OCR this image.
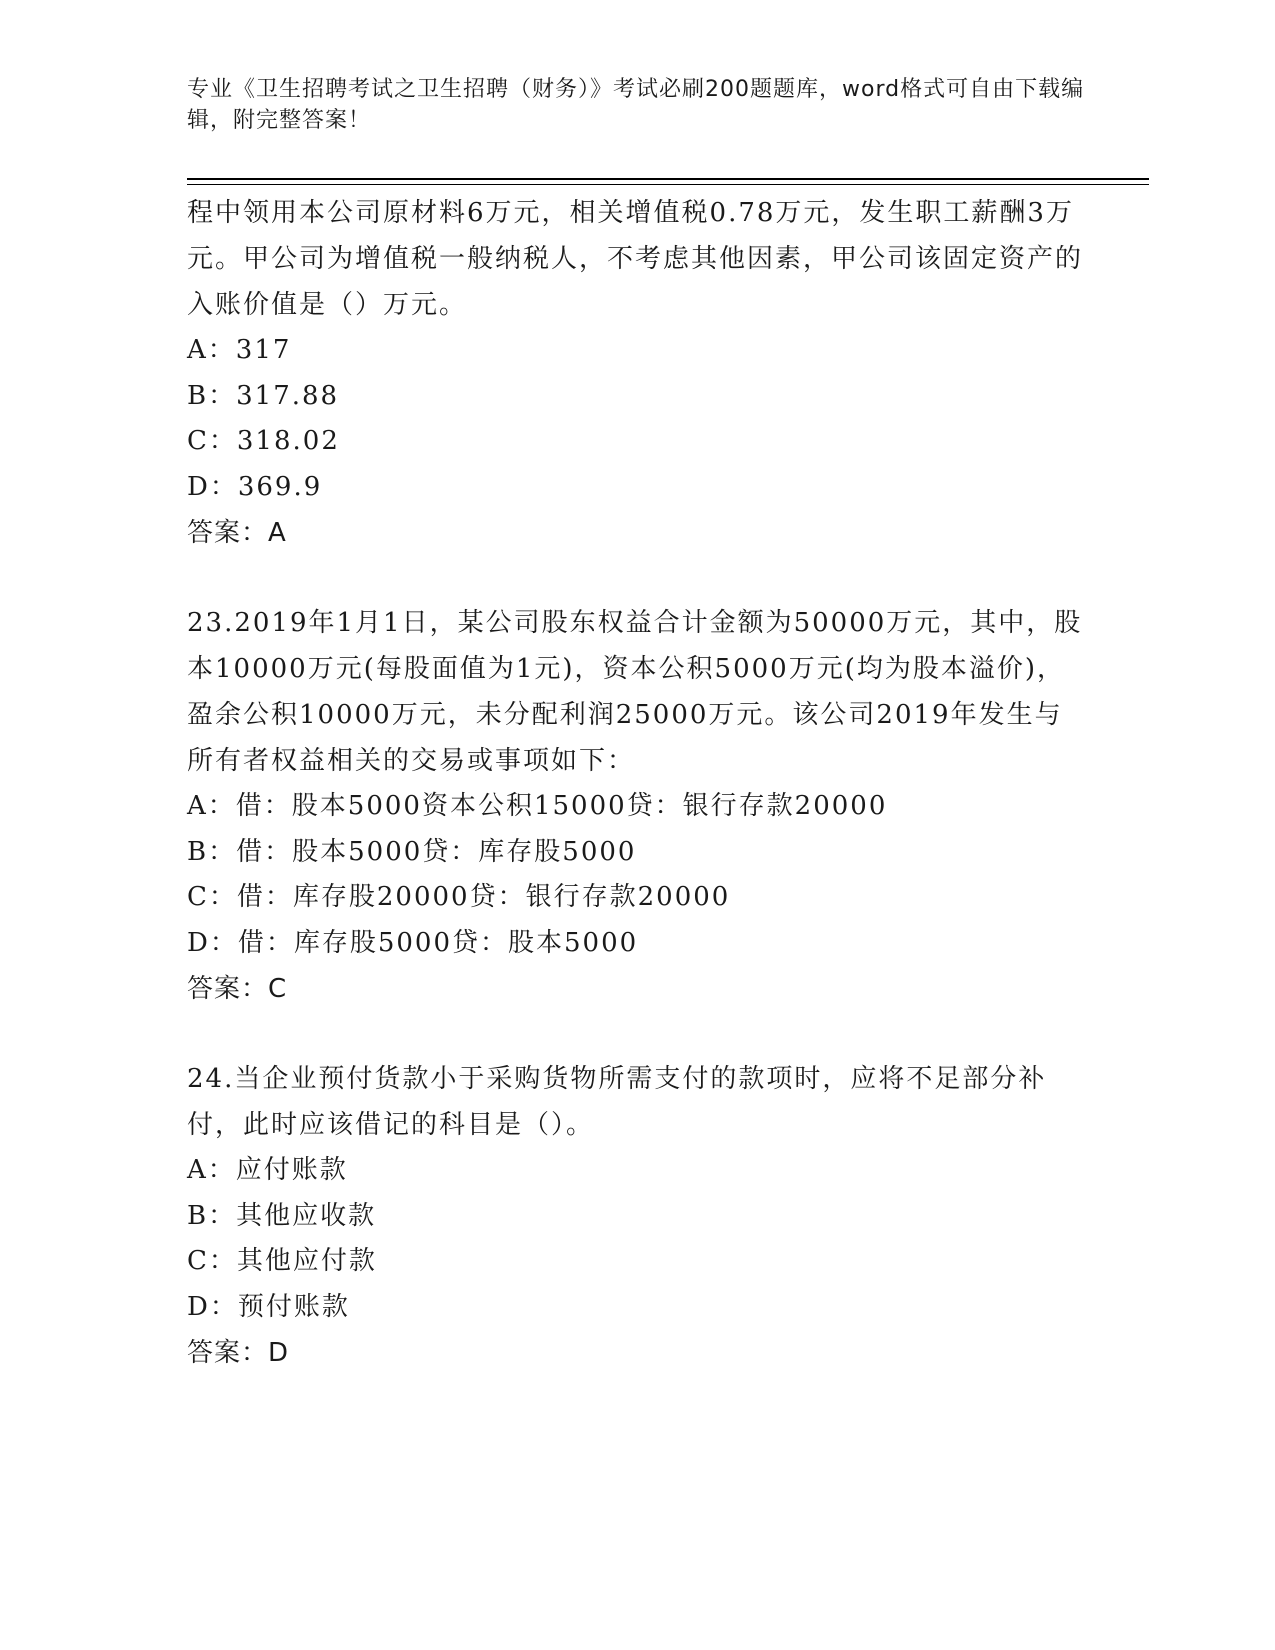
专业《卫生招聘考试之卫生招聘（财务）》考试必刷200题题库，word格式可自由下载编辑，附完整答案！

程中领用本公司原材料6万元，相关增值税0.78万元，发生职工薪酬3万元。甲公司为增值税一般纳税人，不考虑其他因素，甲公司该固定资产的入账价值是（）万元。

A：317

B：317.88

C：318.02

D：369.9

答案：A

23.2019年1月1日，某公司股东权益合计金额为50000万元，其中，股本10000万元(每股面值为1元)，资本公积5000万元(均为股本溢价)，盈余公积10000万元，未分配利润25000万元。该公司2019年发生与所有者权益相关的交易或事项如下：

A：借：股本5000资本公积15000贷：银行存款20000

B：借：股本5000贷：库存股5000

C：借：库存股20000贷：银行存款20000

D：借：库存股5000贷：股本5000

答案：C

24.当企业预付货款小于采购货物所需支付的款项时，应将不足部分补付，此时应该借记的科目是（）。

A：应付账款

B：其他应收款

C：其他应付款

D：预付账款

答案：D
